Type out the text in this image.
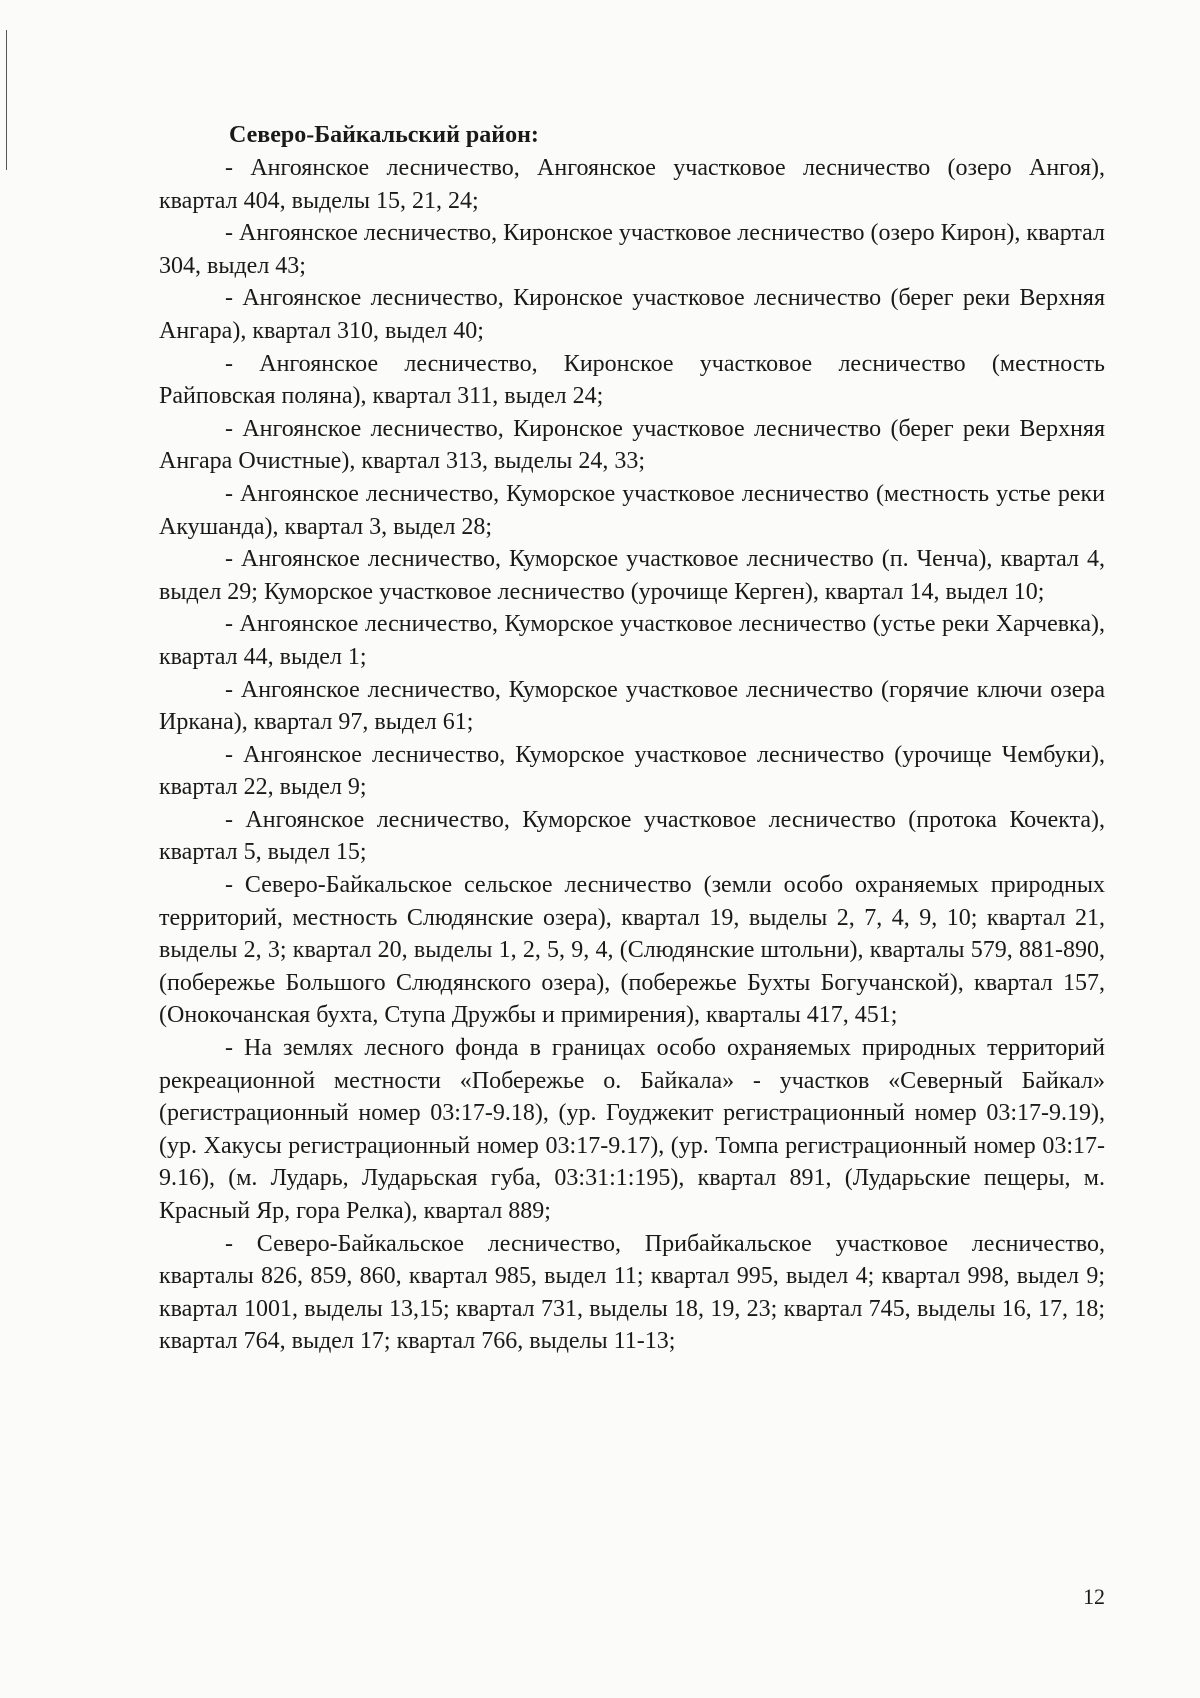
Северо-Байкальский район:

- Ангоянское лесничество, Ангоянское участковое лесничество (озеро Ангоя), квартал 404, выделы 15, 21, 24;

- Ангоянское лесничество, Киронское участковое лесничество (озеро Кирон), квартал 304, выдел 43;

- Ангоянское лесничество, Киронское участковое лесничество (берег реки Верхняя Ангара), квартал 310, выдел 40;

- Ангоянское лесничество, Киронское участковое лесничество (местность Райповская поляна), квартал 311, выдел 24;

- Ангоянское лесничество, Киронское участковое лесничество (берег реки Верхняя Ангара Очистные), квартал 313, выделы 24, 33;

- Ангоянское лесничество, Куморское участковое лесничество (местность устье реки Акушанда), квартал 3, выдел 28;

- Ангоянское лесничество, Куморское участковое лесничество (п. Ченча), квартал 4, выдел 29; Куморское участковое лесничество (урочище Керген), квартал 14, выдел 10;

- Ангоянское лесничество, Куморское участковое лесничество (устье реки Харчевка), квартал 44, выдел 1;

- Ангоянское лесничество, Куморское участковое лесничество (горячие ключи озера Иркана), квартал 97, выдел 61;

- Ангоянское лесничество, Куморское участковое лесничество (урочище Чембуки), квартал 22, выдел 9;

- Ангоянское лесничество, Куморское участковое лесничество (протока Кочекта), квартал 5, выдел 15;

- Северо-Байкальское сельское лесничество (земли особо охраняемых природных территорий, местность Слюдянские озера), квартал 19, выделы 2, 7, 4, 9, 10; квартал 21, выделы 2, 3; квартал 20, выделы 1, 2, 5, 9, 4, (Слюдянские штольни), кварталы 579, 881-890, (побережье Большого Слюдянского озера), (побережье Бухты Богучанской), квартал 157, (Онокочанская бухта, Ступа Дружбы и примирения), кварталы 417, 451;

- На землях лесного фонда в границах особо охраняемых природных территорий рекреационной местности «Побережье о. Байкала» - участков «Северный Байкал» (регистрационный номер 03:17-9.18), (ур. Гоуджекит регистрационный номер 03:17-9.19), (ур. Хакусы регистрационный номер 03:17-9.17), (ур. Томпа регистрационный номер 03:17-9.16), (м. Лударь, Лударьская губа, 03:31:1:195), квартал 891, (Лударьские пещеры, м. Красный Яр, гора Релка), квартал 889;

- Северо-Байкальское лесничество, Прибайкальское участковое лесничество, кварталы 826, 859, 860, квартал 985, выдел 11; квартал 995, выдел 4; квартал 998, выдел 9; квартал 1001, выделы 13,15; квартал 731, выделы 18, 19, 23; квартал 745, выделы 16, 17, 18; квартал 764, выдел 17; квартал 766, выделы 11-13;

12
